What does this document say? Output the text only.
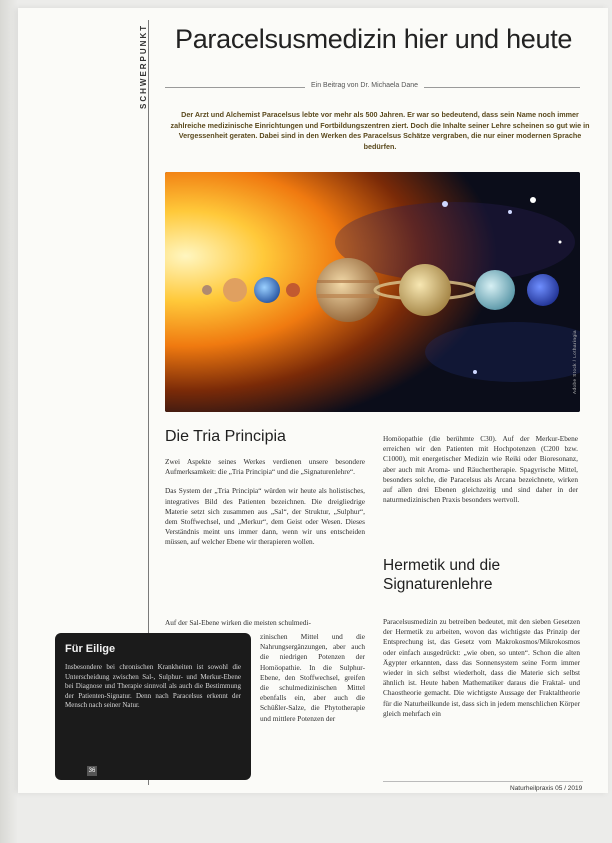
SCHWERPUNKT Paracelsusmedizin hier und heute
Ein Beitrag von Dr. Michaela Dane
Der Arzt und Alchemist Paracelsus lebte vor mehr als 500 Jahren. Er war so bedeutend, dass sein Name noch immer zahlreiche medizinische Einrichtungen und Fortbildungszentren ziert. Doch die Inhalte seiner Lehre scheinen so gut wie in Vergessenheit geraten. Dabei sind in den Werken des Paracelsus Schätze vergraben, die nur einer modernen Sprache bedürfen.
Adobe Stock / Lotharingia
Die Tria Principia

Zwei Aspekte seines Werkes verdienen unsere besondere Aufmerksamkeit: die „Tria Principia“ und die „Signaturenlehre“.

Das System der „Tria Principia“ würden wir heute als holistisches, integratives Bild des Patienten bezeichnen. Die dreigliedrige Materie setzt sich zusammen aus „Sal“, der Struktur, „Sulphur“, dem Stoffwechsel, und „Merkur“, dem Geist oder Wesen. Dieses Verständnis meint uns immer dann, wenn wir uns entscheiden müssen, auf welcher Ebene wir therapieren wollen.

Auf der Sal-Ebene wirken die meisten schulmedi-

zinischen Mittel und die Nahrungsergänzungen, aber auch die niedrigen Potenzen der Homöopathie. In die Sulphur-Ebene, den Stoffwechsel, greifen die schulmedizinischen Mittel ebenfalls ein, aber auch die Schüßler-Salze, die Phytotherapie und mittlere Potenzen der

Homöopathie (die berühmte C30). Auf der Merkur-Ebene erreichen wir den Patienten mit Hochpotenzen (C200 bzw. C1000), mit energetischer Medizin wie Reiki oder Bioresonanz, aber auch mit Aroma- und Räuchertherapie. Spagyrische Mittel, besonders solche, die Paracelsus als Arcana bezeichnete, wirken auf allen drei Ebenen gleichzeitig und sind daher in der naturmedizinischen Praxis besonders wertvoll.

Hermetik und die Signaturenlehre

Paracelsusmedizin zu betreiben bedeutet, mit den sieben Gesetzen der Hermetik zu arbeiten, wovon das wichtigste das Prinzip der Entsprechung ist, das Gesetz vom Makrokosmos/Mikrokosmos oder einfach ausgedrückt: „wie oben, so unten“. Schon die alten Ägypter erkannten, dass das Sonnensystem seine Form immer wieder in sich selbst wiederholt, dass die Materie sich selbst ähnlich ist. Heute haben Mathematiker daraus die Fraktal- und Chaostheorie gemacht. Die wichtigste Aussage der Fraktaltheorie für die Naturheilkunde ist, dass sich in jedem menschlichen Körper gleich mehrfach ein

Für Eilige
Insbesondere bei chronischen Krankheiten ist sowohl die Unterscheidung zwischen Sal-, Sulphur- und Merkur-Ebene bei Diagnose und Therapie sinnvoll als auch die Bestimmung der Patienten-Signatur. Denn nach Paracelsus erkennt der Mensch nach seiner Natur.
36
Naturheilpraxis 05 / 2019
